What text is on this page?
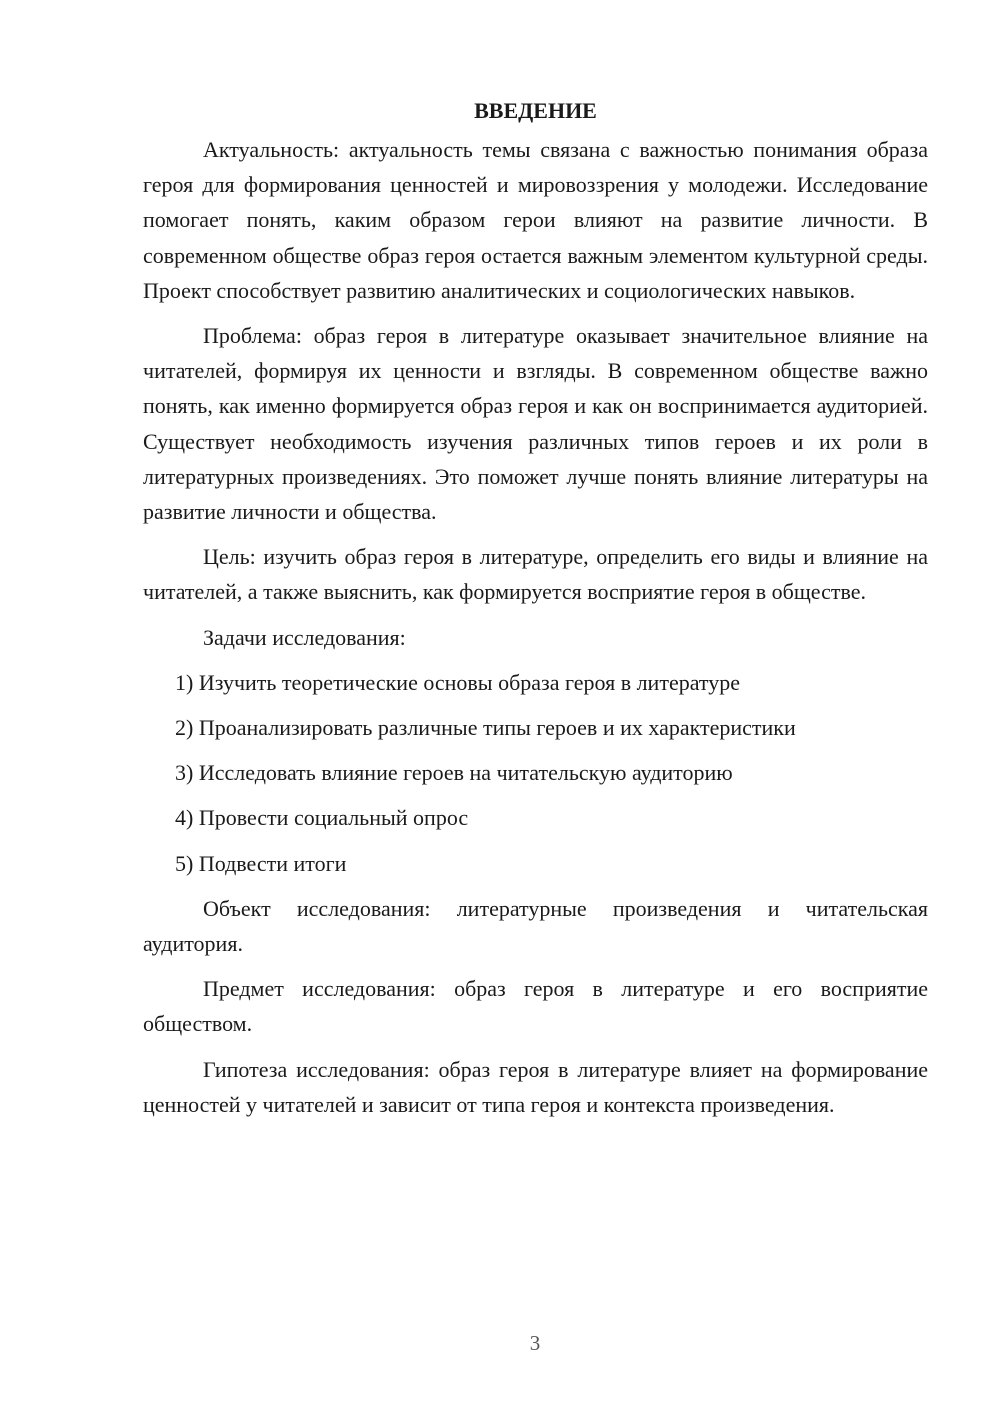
ВВЕДЕНИЕ

Актуальность: актуальность темы связана с важностью понимания образа героя для формирования ценностей и мировоззрения у молодежи. Исследование помогает понять, каким образом герои влияют на развитие личности. В современном обществе образ героя остается важным элементом культурной среды. Проект способствует развитию аналитических и социологических навыков.

Проблема: образ героя в литературе оказывает значительное влияние на читателей, формируя их ценности и взгляды. В современном обществе важно понять, как именно формируется образ героя и как он воспринимается аудиторией. Существует необходимость изучения различных типов героев и их роли в литературных произведениях. Это поможет лучше понять влияние литературы на развитие личности и общества.

Цель: изучить образ героя в литературе, определить его виды и влияние на читателей, а также выяснить, как формируется восприятие героя в обществе.

Задачи исследования:
1) Изучить теоретические основы образа героя в литературе
2) Проанализировать различные типы героев и их характеристики
3) Исследовать влияние героев на читательскую аудиторию
4) Провести социальный опрос
5) Подвести итоги

Объект исследования: литературные произведения и читательская аудитория.

Предмет исследования: образ героя в литературе и его восприятие обществом.

Гипотеза исследования: образ героя в литературе влияет на формирование ценностей у читателей и зависит от типа героя и контекста произведения.

3
